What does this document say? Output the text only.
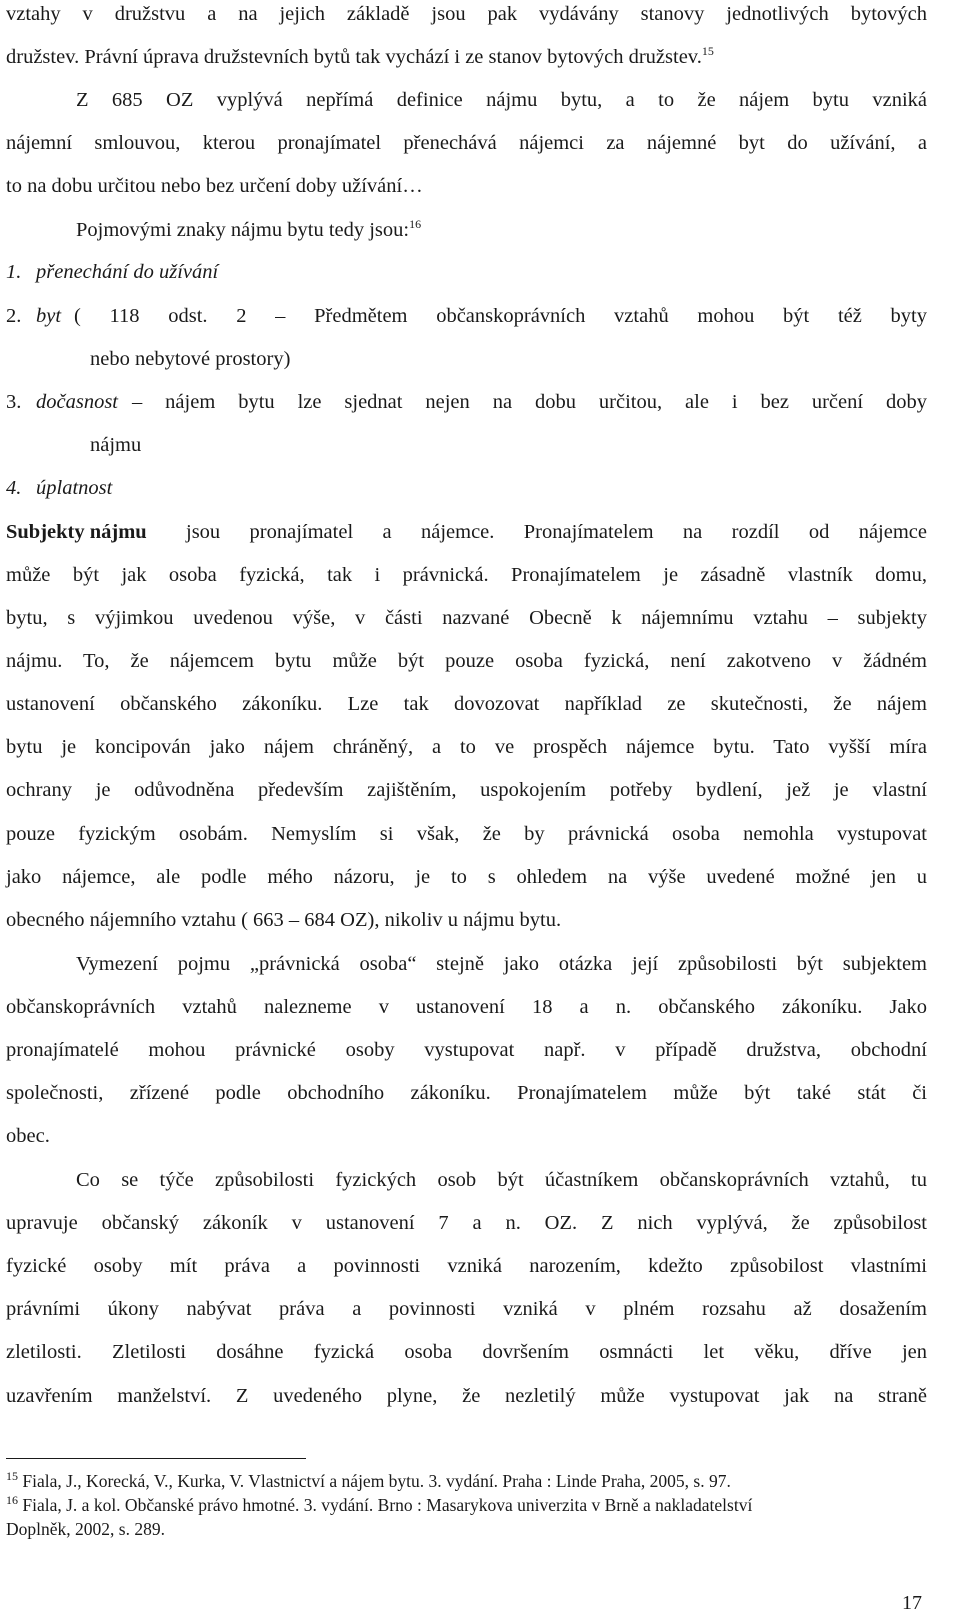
vztahy v družstvu a na jejich základě jsou pak vydávány stanovy jednotlivých bytových
družstev. Právní úprava družstevních bytů tak vychází i ze stanov bytových družstev.$^{15}$
Z 685 OZ vyplývá nepřímá definice nájmu bytu, a to že nájem bytu vzniká
nájemní smlouvou, kterou pronajímatel přenechává nájemci za nájemné byt do užívání, a
to na dobu určitou nebo bez určení doby užívání…
Pojmovými znaky nájmu bytu tedy jsou:$^{16}$
1. přenechání do užívání
2. byt ( 118 odst. 2 – Předmětem občanskoprávních vztahů mohou být též byty
nebo nebytové prostory)
3. dočasnost – nájem bytu lze sjednat nejen na dobu určitou, ale i bez určení doby
nájmu
4. úplatnost
Subjekty nájmu	jsou pronajímatel a nájemce. Pronajímatelem na rozdíl od nájemce
může být jak osoba fyzická, tak i právnická. Pronajímatelem je zásadně vlastník domu,
bytu, s výjimkou uvedenou výše, v části nazvané Obecně k nájemnímu vztahu – subjekty
nájmu. To, že nájemcem bytu může být pouze osoba fyzická, není zakotveno v žádném
ustanovení občanského zákoníku. Lze tak dovozovat například ze skutečnosti, že nájem
bytu je koncipován jako nájem chráněný, a to ve prospěch nájemce bytu. Tato vyšší míra
ochrany je odůvodněna především zajištěním, uspokojením potřeby bydlení, jež je vlastní
pouze fyzickým osobám. Nemyslím si však, že by právnická osoba nemohla vystupovat
jako nájemce, ale podle mého názoru, je to s ohledem na výše uvedené možné jen u
obecného nájemního vztahu ( 663 – 684 OZ), nikoliv u nájmu bytu.
Vymezení pojmu „právnická osoba“ stejně jako otázka její způsobilosti být subjektem
občanskoprávních vztahů nalezneme v ustanovení 18 a n. občanského zákoníku. Jako
pronajímatelé mohou právnické osoby vystupovat např. v případě družstva, obchodní
společnosti, zřízené podle obchodního zákoníku. Pronajímatelem může být také stát či
obec.
Co se týče způsobilosti fyzických osob být účastníkem občanskoprávních vztahů, tu
upravuje občanský zákoník v ustanovení 7 a n. OZ. Z nich vyplývá, že způsobilost
fyzické osoby mít práva a povinnosti vzniká narozením, kdežto způsobilost vlastními
právními úkony nabývat práva a povinnosti vzniká v plném rozsahu až dosažením
zletilosti. Zletilosti dosáhne fyzická osoba dovršením osmnácti let věku, dříve jen
uzavřením manželství. Z uvedeného plyne, že nezletilý může vystupovat jak na straně
$^{15}$ Fiala, J., Korecká, V., Kurka, V. Vlastnictví a nájem bytu. 3. vydání. Praha : Linde Praha, 2005, s. 97.
$^{16}$ Fiala, J. a kol. Občanské právo hmotné. 3. vydání. Brno : Masarykova univerzita v Brně a nakladatelství
Doplněk, 2002, s. 289.
17
